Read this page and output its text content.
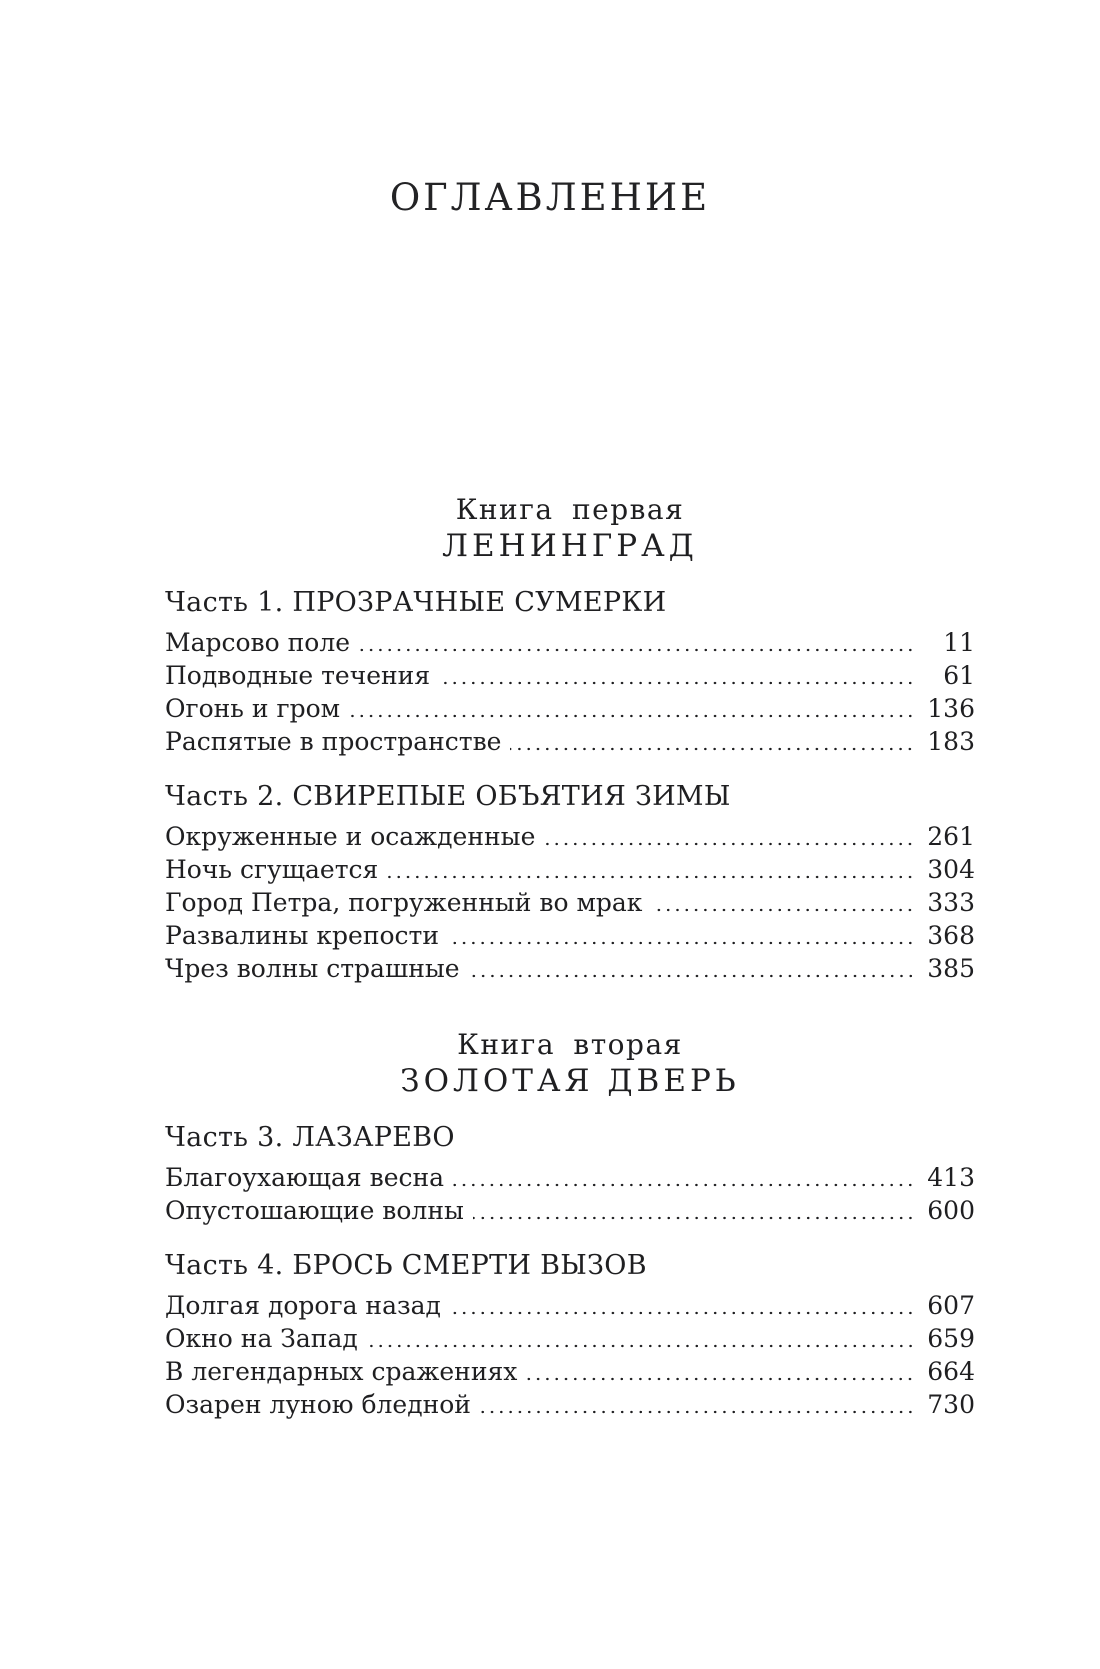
ОГЛАВЛЕНИЕ
Книга первая
ЛЕНИНГРАД
Часть 1. ПРОЗРАЧНЫЕ СУМЕРКИ
Марсово поле	11
Подводные течения	61
Огонь и гром	136
Распятые в пространстве	183
Часть 2. СВИРЕПЫЕ ОБЪЯТИЯ ЗИМЫ
Окруженные и осажденные	261
Ночь сгущается	304
Город Петра, погруженный во мрак	333
Развалины крепости	368
Чрез волны страшные	385
Книга вторая
ЗОЛОТАЯ ДВЕРЬ
Часть 3. ЛАЗАРЕВО
Благоухающая весна	413
Опустошающие волны	600
Часть 4. БРОСЬ СМЕРТИ ВЫЗОВ
Долгая дорога назад	607
Окно на Запад	659
В легендарных сражениях	664
Озарен луною бледной	730
